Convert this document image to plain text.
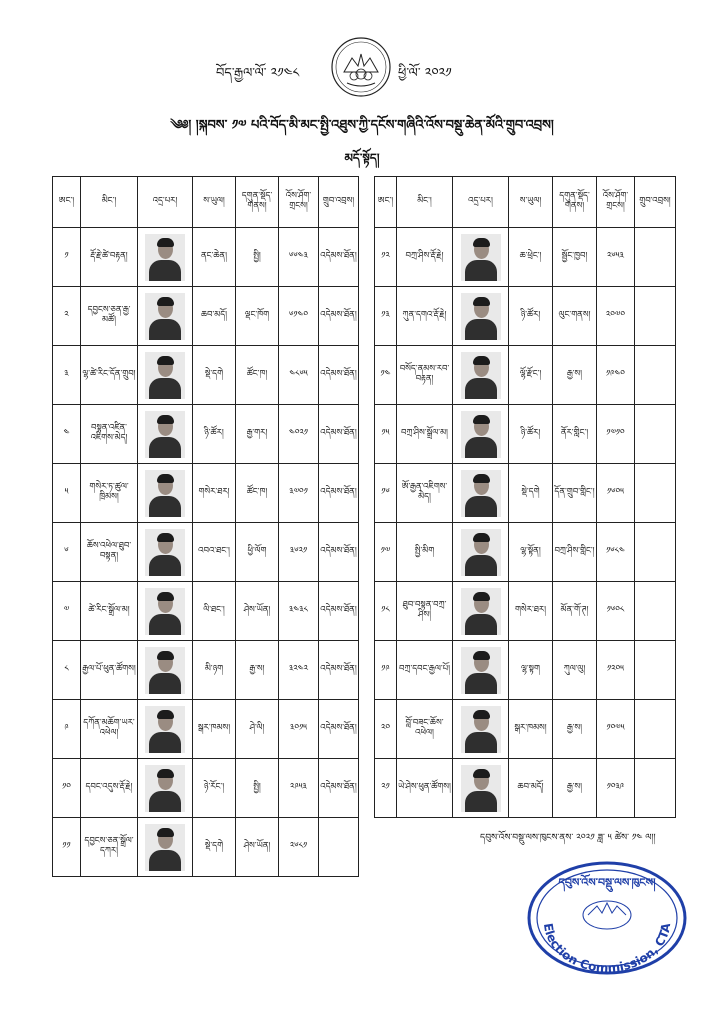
བོད་རྒྱལ་ལོ་ ༢༡༤༨	ཕྱི་ལོ་ ༢༠༢༡
༄༅། །སྐབས་ ༡༧ པའི་བོད་མི་མང་སྤྱི་འཐུས་ཀྱི་དངོས་གཞིའི་འོས་བསྡུ་ཆེན་མོའི་གྲུབ་འབྲས།
མདོ་སྟོད།
ཨང་།	མིང་།	འདྲ་པར།	ས་ཡུལ།	དགུན་སྡོད་གནས།	འོས་ཤོག་གྲངས།	གྲུབ་འབྲས།
༡	རྡོ་རྗེ་ཚེ་བརྟན།		ནང་ཆེན།	སྤྱི།	༦༦༤༣	འདེམས་ཐོན།
༢	དབྱངས་ཅན་རྒྱ་མཚོ།		ཆབ་མདོ།	ལྡང་ཁོག	༦༡༤༠	འདེམས་ཐོན།
༣	ལྷ་ཚེ་རིང་དོན་གྲུབ།		སྡེ་དགེ	ཚོང་ཁ།	༤༨༦༥	འདེམས་ཐོན།
༤	བསྟན་འཛིན་འཇིགས་མེད།		ཉི་ཚོར།	རྒྱ་གར།	༤༠༢༡	འདེམས་ཐོན།
༥	གསེར་ཏ་ཚུལ་ཁྲིམས།		གསེར་ཐར།	ཚོང་ཁ།	༣༧༠༡	འདེམས་ཐོན།
༦	ཆོས་འཕེལ་ཐུབ་བསྟན།		འབའ་ཐང་།	ཕྱི་ལོག	༣༦༢༡	འདེམས་ཐོན།
༧	ཚེ་རིང་སྒྲོལ་མ།		ལི་ཐང་།	ཤེས་ཡོན།	༣༤༣༨	འདེམས་ཐོན།
༨	རྒྱལ་པོ་ཕུན་ཚོགས།		མི་ཉག	རྒྱ་ས།	༣༢༤༢	འདེམས་ཐོན།
༩	དཀོན་མཆོག་ཡར་འཕེལ།		སྒར་ཁམས།	ཤེ་ལི།	༣༠༡༥	འདེམས་ཐོན།
༡༠	དབང་འདུས་རྡོ་རྗེ།		ཉེ་རོང་།	སྤྱི།	༢༩༥༣	འདེམས་ཐོན།
༡༡	དབྱངས་ཅན་སྒྲོལ་དཀར།		སྡེ་དགེ	ཤེས་ཡོན།	༢༦༨༡	
ཨང་།	མིང་།	འདྲ་པར།	ས་ཡུལ།	དགུན་སྡོད་གནས།	འོས་ཤོག་གྲངས།	གྲུབ་འབྲས།
༡༢	བཀྲ་ཤིས་རྡོ་རྗེ།		ཆ་ཕྲེང་།	སྦྱོང་ཁྱབ།	༢༦༥༣	
༡༣	ཀུན་དགའ་རྡོ་རྗེ།		ཉི་ཚོར།	ལུང་གནས།	༢༠༧༠	
༡༤	བསོད་ནམས་རབ་བརྟན།		ལྷོ་རྫོང་།	རྒྱ་ས།	༡༩༤༠	
༡༥	བཀྲ་ཤིས་སྒྲོལ་མ།		ཉི་ཚོར།	ནོར་གླིང་།	༡༧༡༠	
༡༦	ཨོ་རྒྱན་འཇིགས་མེད།		སྡེ་དགེ	དོན་གྲུབ་གླིང་།	༡༦༠༥	
༡༧	སྤྱི་མིག		ལྷ་སྟོན།	བཀྲ་ཤིས་གླིང་།	༡༦༨༤	
༡༨	ཐུབ་བསྟན་བཀྲ་ཤིས།		གསེར་ཐར།	མོན་གོ་ཊ།	༡༦༠༨	
༡༩	བཀྲ་དབང་རྒྱལ་པོ།		ལྷ་སྟག	ཀུལ་ལུ།	༡༢༠༥	
༢༠	བློ་བཟང་ཆོས་འཕེལ།		སྒར་ཁམས།	རྒྱ་ས།	༡༠༧༥	
༢༡	ཡེ་ཤེས་ཕུན་ཚོགས།		ཆབ་མདོ།	རྒྱ་ས།	༡༠༣༩	
དབུས་འོས་བསྡུ་ལས་ཁུངས་ནས་ ༢༠༢༡ ཟླ་ ༥ ཚེས་ ༡༤ ལ།།
དབུས་འོས་བསྡུ་ལས་ཁུངས།
Election Commission, CTA
